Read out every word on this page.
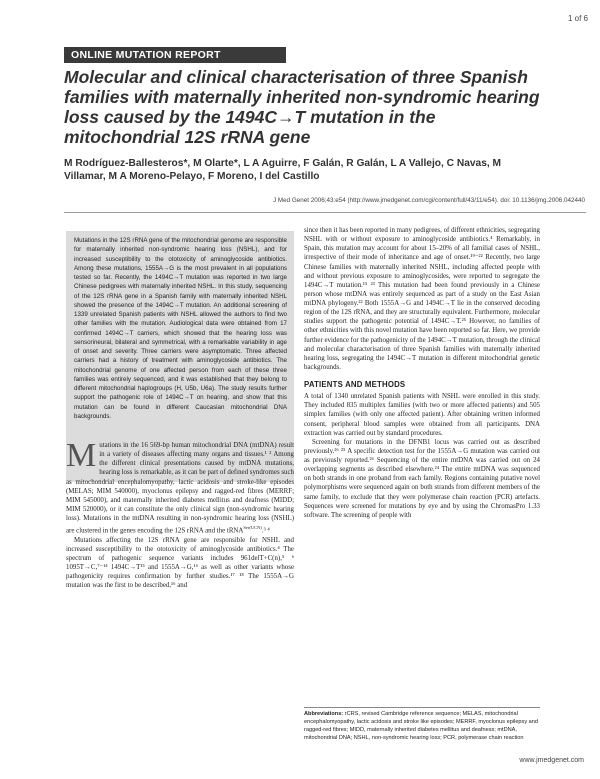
1 of 6
ONLINE MUTATION REPORT
Molecular and clinical characterisation of three Spanish families with maternally inherited non-syndromic hearing loss caused by the 1494C→T mutation in the mitochondrial 12S rRNA gene
M Rodríguez-Ballesteros*, M Olarte*, L A Aguirre, F Galán, R Galán, L A Vallejo, C Navas, M Villamar, M A Moreno-Pelayo, F Moreno, I del Castillo
J Med Genet 2006;43:e54 (http://www.jmedgenet.com/cgi/content/full/43/11/e54). doi: 10.1136/jmg.2006.042440

Mutations in the 12S rRNA gene of the mitochondrial genome are responsible for maternally inherited non-syndromic hearing loss (NSHL), and for increased susceptibility to the ototoxicity of aminoglycoside antibiotics. Among these mutations, 1555A→G is the most prevalent in all populations tested so far. Recently, the 1494C→T mutation was reported in two large Chinese pedigrees with maternally inherited NSHL. In this study, sequencing of the 12S rRNA gene in a Spanish family with maternally inherited NSHL showed the presence of the 1494C→T mutation. An additional screening of 1339 unrelated Spanish patients with NSHL allowed the authors to find two other families with the mutation. Audiological data were obtained from 17 confirmed 1494C→T carriers, which showed that the hearing loss was sensorineural, bilateral and symmetrical, with a remarkable variability in age of onset and severity. Three carriers were asymptomatic. Three affected carriers had a history of treatment with aminoglycoside antibiotics. The mitochondrial genome of one affected person from each of these three families was entirely sequenced, and it was established that they belong to different mitochondrial haplogroups (H, U5b, U6a). The study results further support the pathogenic role of 1494C→T on hearing, and show that this mutation can be found in different Caucasian mitochondrial DNA backgrounds.

Mutations in the 16 569-bp human mitochondrial DNA (mtDNA) result in a variety of diseases affecting many organs and tissues.¹ ² Among the different clinical presentations caused by mtDNA mutations, hearing loss is remarkable, as it can be part of defined syndromes such as mitochondrial encephalomyopathy, lactic acidosis and stroke-like episodes (MELAS; MIM 540000), myoclonus epilepsy and ragged-red fibres (MERRF; MIM 545000), and maternally inherited diabetes mellitus and deafness (MIDD; MIM 520000), or it can constitute the only clinical sign (non-syndromic hearing loss). Mutations in the mtDNA resulting in non-syndromic hearing loss (NSHL) are clustered in the genes encoding the 12S rRNA and the tRNA$^{Ser(UCN)}$.³ ⁴

Mutations affecting the 12S rRNA gene are responsible for NSHL and increased susceptibility to the ototoxicity of aminoglycoside antibiotics.⁴ The spectrum of pathogenic sequence variants includes 961delT+C(n),⁵ ⁶ 1095T→C,⁷⁻¹⁴ 1494C→T¹⁵ and 1555A→G,¹⁶ as well as other variants whose pathogenicity requires confirmation by further studies.¹⁷ ¹⁸ The 1555A→G mutation was the first to be described,¹⁶ and

since then it has been reported in many pedigrees, of different ethnicities, segregating NSHL with or without exposure to aminoglycoside antibiotics.⁴ Remarkably, in Spain, this mutation may account for about 15–20% of all familial cases of NSHL, irrespective of their mode of inheritance and age of onset.¹⁹⁻²² Recently, two large Chinese families with maternally inherited NSHL, including affected people with and without previous exposure to aminoglycosides, were reported to segregate the 1494C→T mutation.¹⁵ ²³ This mutation had been found previously in a Chinese person whose mtDNA was entirely sequenced as part of a study on the East Asian mtDNA phylogeny.²² Both 1555A→G and 1494C→T lie in the conserved decoding region of the 12S rRNA, and they are structurally equivalent. Furthermore, molecular studies support the pathogenic potential of 1494C→T.²⁵ However, no families of other ethnicities with this novel mutation have been reported so far. Here, we provide further evidence for the pathogenicity of the 1494C→T mutation, through the clinical and molecular characterisation of three Spanish families with maternally inherited hearing loss, segregating the 1494C→T mutation in different mitochondrial genetic backgrounds.

PATIENTS AND METHODS

A total of 1340 unrelated Spanish patients with NSHL were enrolled in this study. They included 835 multiplex families (with two or more affected patients) and 505 simplex families (with only one affected patient). After obtaining written informed consent, peripheral blood samples were obtained from all participants. DNA extraction was carried out by standard procedures.

Screening for mutations in the DFNB1 locus was carried out as described previously.²⁶ ²⁵ A specific detection test for the 1555A→G mutation was carried out as previously reported.²⁶ Sequencing of the entire mtDNA was carried out on 24 overlapping segments as described elsewhere.²⁴ The entire mtDNA was sequenced on both strands in one proband from each family. Regions containing putative novel polymorphisms were sequenced again on both strands from different members of the same family, to exclude that they were polymerase chain reaction (PCR) artefacts. Sequences were screened for mutations by eye and by using the ChromasPro 1.33 software. The screening of people with

Abbreviations: rCRS, revised Cambridge reference sequence; MELAS, mitochondrial encephalomyopathy, lactic acidosis and stroke like episodes; MERRF, myoclonus epilepsy and ragged-red fibres; MIDD, maternally inherited diabetes mellitus and deafness; mtDNA, mitochondrial DNA; NSHL, non-syndromic hearing loss; PCR, polymerase chain reaction
www.jmedgenet.com
